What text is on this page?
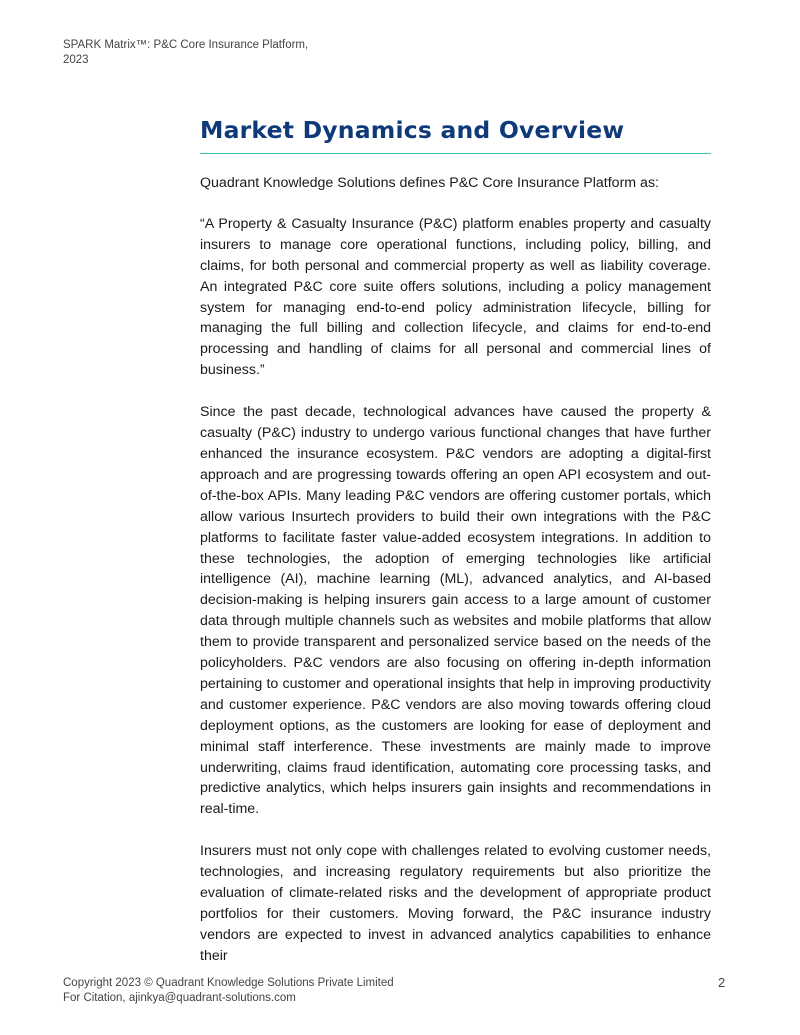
SPARK Matrix™: P&C Core Insurance Platform, 2023
Market Dynamics and Overview

Quadrant Knowledge Solutions defines P&C Core Insurance Platform as:

“A Property & Casualty Insurance (P&C) platform enables property and casualty insurers to manage core operational functions, including policy, billing, and claims, for both personal and commercial property as well as liability coverage. An integrated P&C core suite offers solutions, including a policy management system for managing end-to-end policy administration lifecycle, billing for managing the full billing and collection lifecycle, and claims for end-to-end processing and handling of claims for all personal and commercial lines of business.”

Since the past decade, technological advances have caused the property & casualty (P&C) industry to undergo various functional changes that have further enhanced the insurance ecosystem. P&C vendors are adopting a digital-first approach and are progressing towards offering an open API ecosystem and out-of-the-box APIs. Many leading P&C vendors are offering customer portals, which allow various Insurtech providers to build their own integrations with the P&C platforms to facilitate faster value-added ecosystem integrations. In addition to these technologies, the adoption of emerging technologies like artificial intelligence (AI), machine learning (ML), advanced analytics, and AI-based decision-making is helping insurers gain access to a large amount of customer data through multiple channels such as websites and mobile platforms that allow them to provide transparent and personalized service based on the needs of the policyholders. P&C vendors are also focusing on offering in-depth information pertaining to customer and operational insights that help in improving productivity and customer experience. P&C vendors are also moving towards offering cloud deployment options, as the customers are looking for ease of deployment and minimal staff interference. These investments are mainly made to improve underwriting, claims fraud identification, automating core processing tasks, and predictive analytics, which helps insurers gain insights and recommendations in real-time.

Insurers must not only cope with challenges related to evolving customer needs, technologies, and increasing regulatory requirements but also prioritize the evaluation of climate-related risks and the development of appropriate product portfolios for their customers. Moving forward, the P&C insurance industry vendors are expected to invest in advanced analytics capabilities to enhance their

Copyright 2023 © Quadrant Knowledge Solutions Private Limited
For Citation, ajinkya@quadrant-solutions.com
2
